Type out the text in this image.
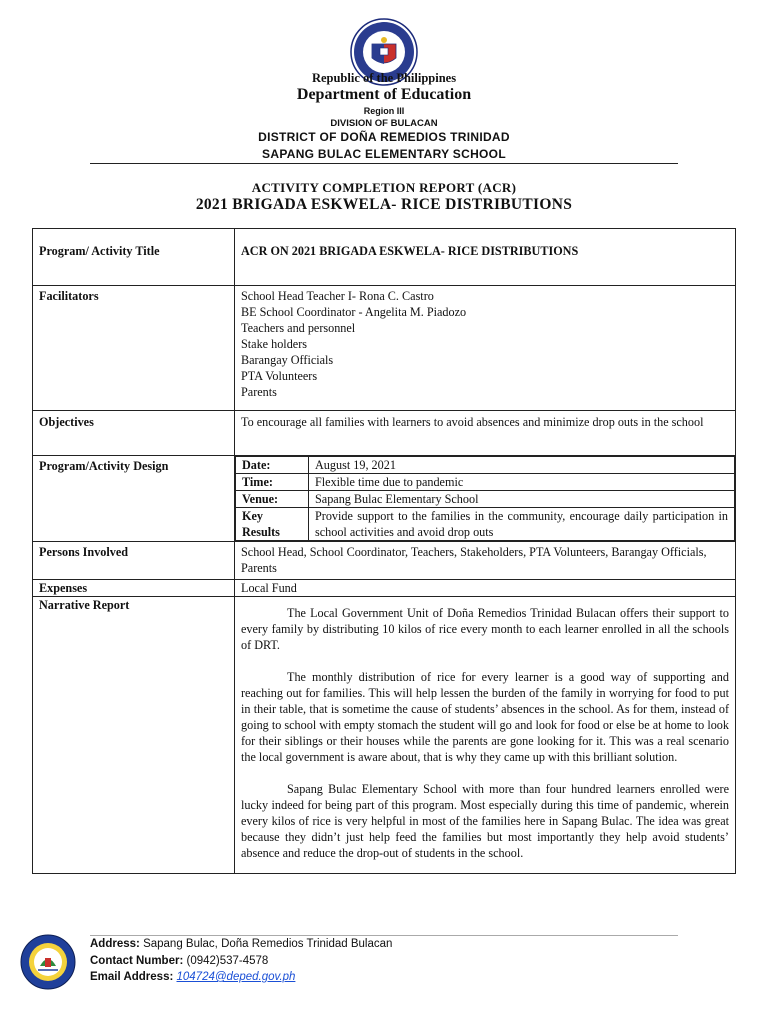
Republic of the Philippines
Department of Education
Region III
DIVISION OF BULACAN
DISTRICT OF DOÑA REMEDIOS TRINIDAD
SAPANG BULAC ELEMENTARY SCHOOL
ACTIVITY COMPLETION REPORT (ACR)
2021 BRIGADA ESKWELA- RICE DISTRIBUTIONS
Program/ Activity Title	ACR ON 2021 BRIGADA ESKWELA- RICE DISTRIBUTIONS
Facilitators	School Head Teacher I- Rona C. Castro
BE School Coordinator - Angelita M. Piadozo
Teachers and personnel
Stake holders
Barangay Officials
PTA Volunteers
Parents

Objectives	To encourage all families with learners to avoid absences and minimize drop outs in the school
Program/Activity Design		Date:	August 19, 2021
Time:	Flexible time due to pandemic
Venue:	Sapang Bulac Elementary School
Key Results	Provide support to the families in the community, encourage daily participation in school activities and avoid drop outs

Persons Involved	School Head, School Coordinator, Teachers, Stakeholders, PTA Volunteers, Barangay Officials, Parents
Expenses	Local Fund
Narrative Report	

The Local Government Unit of Doña Remedios Trinidad Bulacan offers their support to every family by distributing 10 kilos of rice every month to each learner enrolled in all the schools of DRT.

The monthly distribution of rice for every learner is a good way of supporting and reaching out for families. This will help lessen the burden of the family in worrying for food to put in their table, that is sometime the cause of students’ absences in the school. As for them, instead of going to school with empty stomach the student will go and look for food or else be at home to look for their siblings or their houses while the parents are gone looking for it. This was a real scenario the local government is aware about, that is why they came up with this brilliant solution.

Sapang Bulac Elementary School with more than four hundred learners enrolled were lucky indeed for being part of this program. Most especially during this time of pandemic, wherein every kilos of rice is very helpful in most of the families here in Sapang Bulac. The idea was great because they didn’t just help feed the families but most importantly they help avoid students’ absence and reduce the drop-out of students in the school.

Address: Sapang Bulac, Doña Remedios Trinidad Bulacan
Contact Number: (0942)537-4578
Email Address: 104724@deped.gov.ph
